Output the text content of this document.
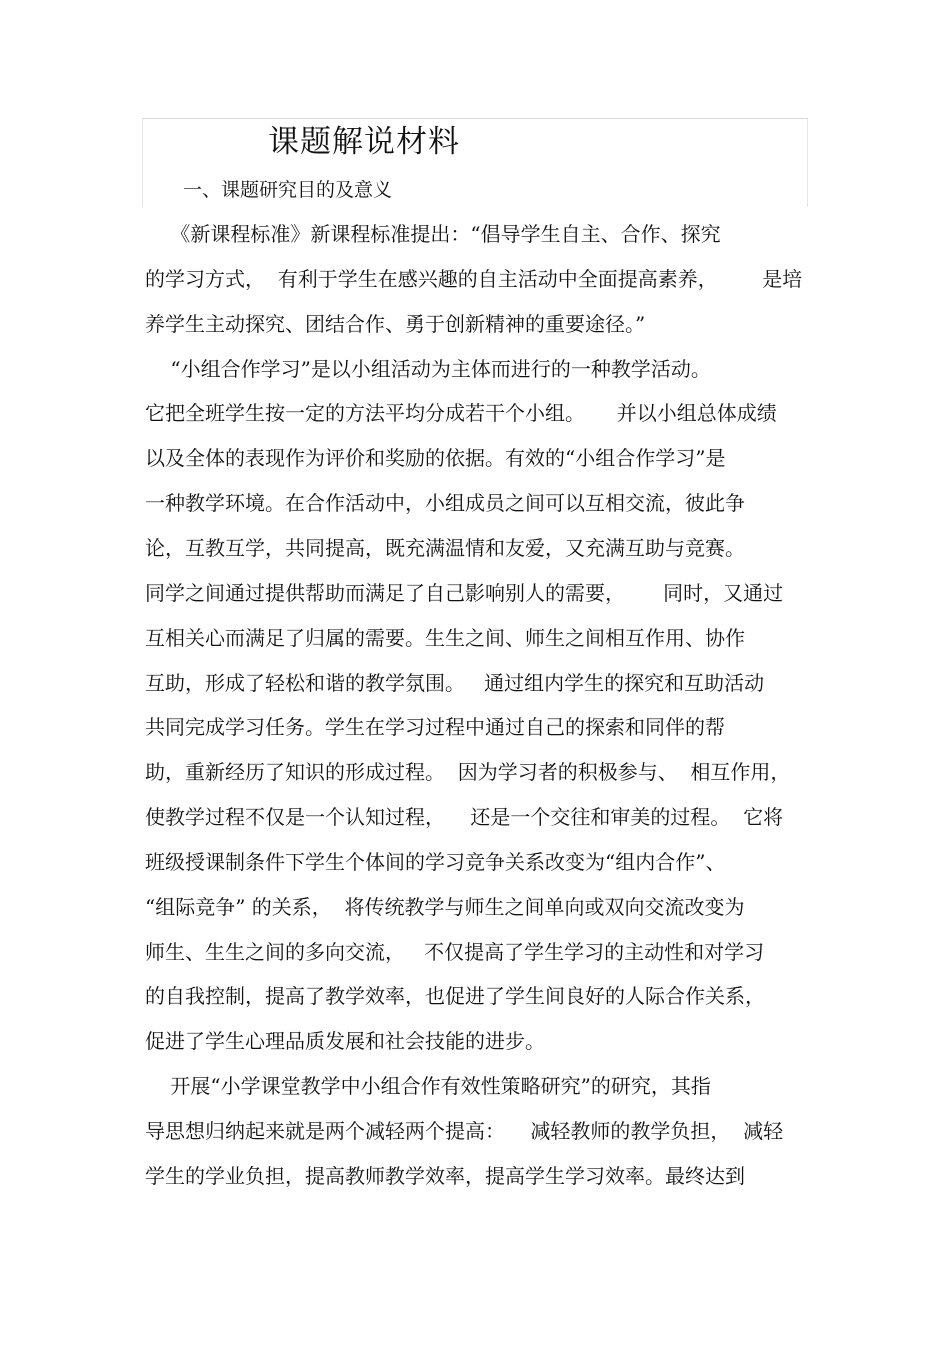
课题解说材料
一、课题研究目的及意义
《新课程标准》新课程标准提出：“倡导学生自主、合作、探究
的学习方式，  有利于学生在感兴趣的自主活动中全面提高素养，       是培
养学生主动探究、团结合作、勇于创新精神的重要途径。”
“小组合作学习”是以小组活动为主体而进行的一种教学活动。
它把全班学生按一定的方法平均分成若干个小组。     并以小组总体成绩
以及全体的表现作为评价和奖励的依据。有效的“小组合作学习”是
一种教学环境。在合作活动中，小组成员之间可以互相交流，彼此争
论，互教互学，共同提高，既充满温情和友爱，又充满互助与竞赛。
同学之间通过提供帮助而满足了自己影响别人的需要，      同时，又通过
互相关心而满足了归属的需要。生生之间、师生之间相互作用、协作
互助，形成了轻松和谐的教学氛围。   通过组内学生的探究和互助活动
共同完成学习任务。学生在学习过程中通过自己的探索和同伴的帮
助，重新经历了知识的形成过程。  因为学习者的积极参与、  相互作用，
使教学过程不仅是一个认知过程，    还是一个交往和审美的过程。  它将
班级授课制条件下学生个体间的学习竞争关系改变为“组内合作”、
“组际竞争” 的关系，  将传统教学与师生之间单向或双向交流改变为
师生、生生之间的多向交流，   不仅提高了学生学习的主动性和对学习
的自我控制，提高了教学效率，也促进了学生间良好的人际合作关系，
促进了学生心理品质发展和社会技能的进步。
开展“小学课堂教学中小组合作有效性策略研究”的研究，其指
导思想归纳起来就是两个减轻两个提高：    减轻教师的教学负担，  减轻
学生的学业负担，提高教师教学效率，提高学生学习效率。最终达到
